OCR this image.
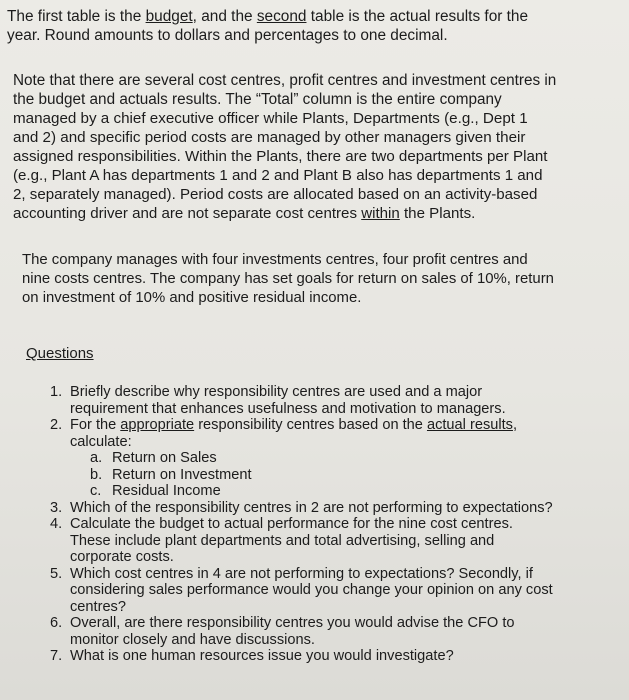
The first table is the budget, and the second table is the actual results for the
year. Round amounts to dollars and percentages to one decimal.
Note that there are several cost centres, profit centres and investment centres in
the budget and actuals results. The “Total” column is the entire company
managed by a chief executive officer while Plants, Departments (e.g., Dept 1
and 2) and specific period costs are managed by other managers given their
assigned responsibilities. Within the Plants, there are two departments per Plant
(e.g., Plant A has departments 1 and 2 and Plant B also has departments 1 and
2, separately managed). Period costs are allocated based on an activity-based
accounting driver and are not separate cost centres within the Plants.
The company manages with four investments centres, four profit centres and
nine costs centres. The company has set goals for return on sales of 10%, return
on investment of 10% and positive residual income.
Questions
1. Briefly describe why responsibility centres are used and a major
requirement that enhances usefulness and motivation to managers.
2. For the appropriate responsibility centres based on the actual results,
calculate:
a. Return on Sales
b. Return on Investment
c. Residual Income
3. Which of the responsibility centres in 2 are not performing to expectations?
4. Calculate the budget to actual performance for the nine cost centres.
These include plant departments and total advertising, selling and
corporate costs.
5. Which cost centres in 4 are not performing to expectations? Secondly, if
considering sales performance would you change your opinion on any cost
centres?
6. Overall, are there responsibility centres you would advise the CFO to
monitor closely and have discussions.
7. What is one human resources issue you would investigate?
